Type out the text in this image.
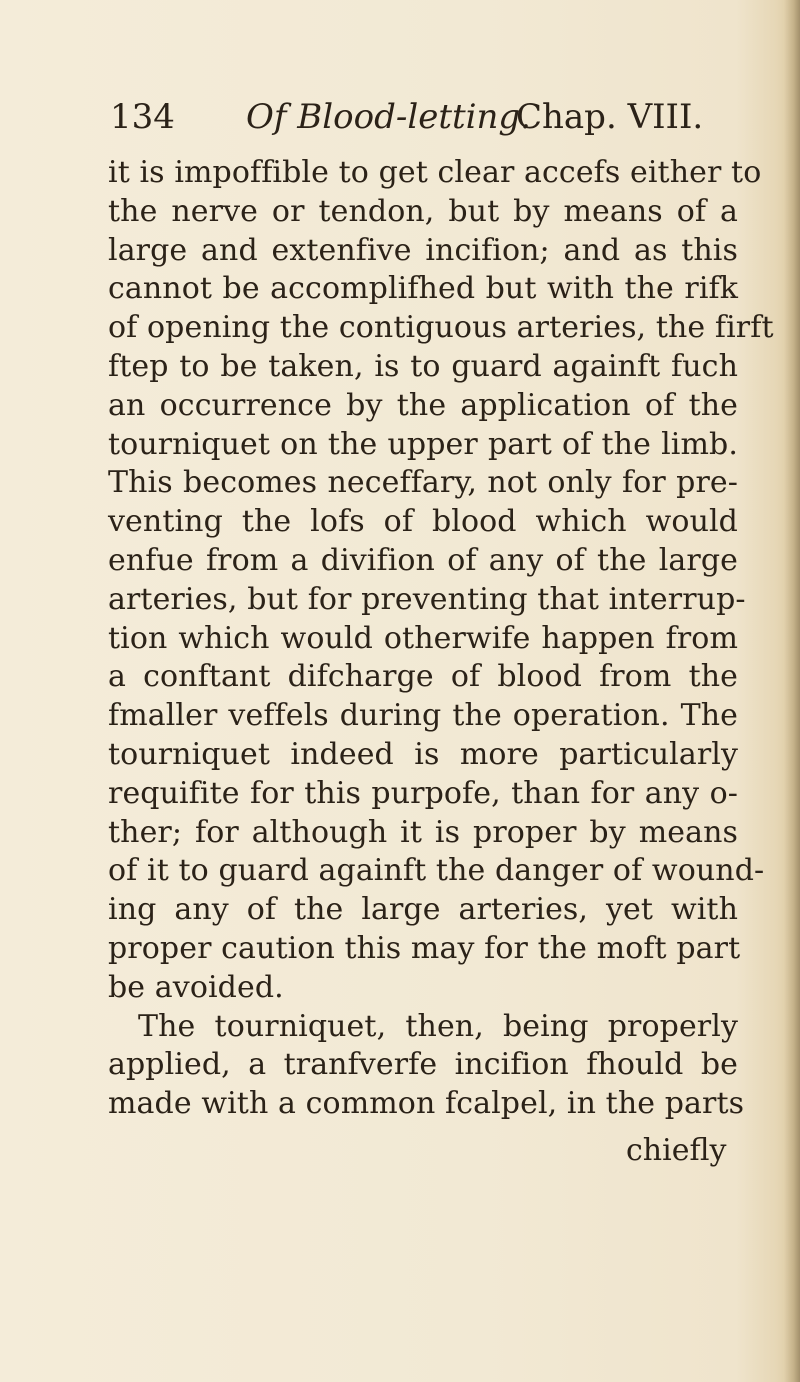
134 Of Blood-letting.
Chap. VIII.
it is impoffible to get clear accefs either to
the nerve or tendon, but by means of a
large and extenfive incifion; and as this
cannot be accomplifhed but with the rifk
of opening the contiguous arteries, the firft
ftep to be taken, is to guard againft fuch
an occurrence by the application of the
tourniquet on the upper part of the limb.
This becomes neceffary, not only for pre-
venting the lofs of blood which would
enfue from a divifion of any of the large
arteries, but for preventing that interrup-
tion which would otherwife happen from
a conftant difcharge of blood from the
fmaller veffels during the operation. The
tourniquet indeed is more particularly
requifite for this purpofe, than for any o-
ther; for although it is proper by means
of it to guard againft the danger of wound-
ing any of the large arteries, yet with
proper caution this may for the moft part
be avoided.
The tourniquet, then, being properly
applied, a tranfverfe incifion fhould be
made with a common fcalpel, in the parts
chiefly
